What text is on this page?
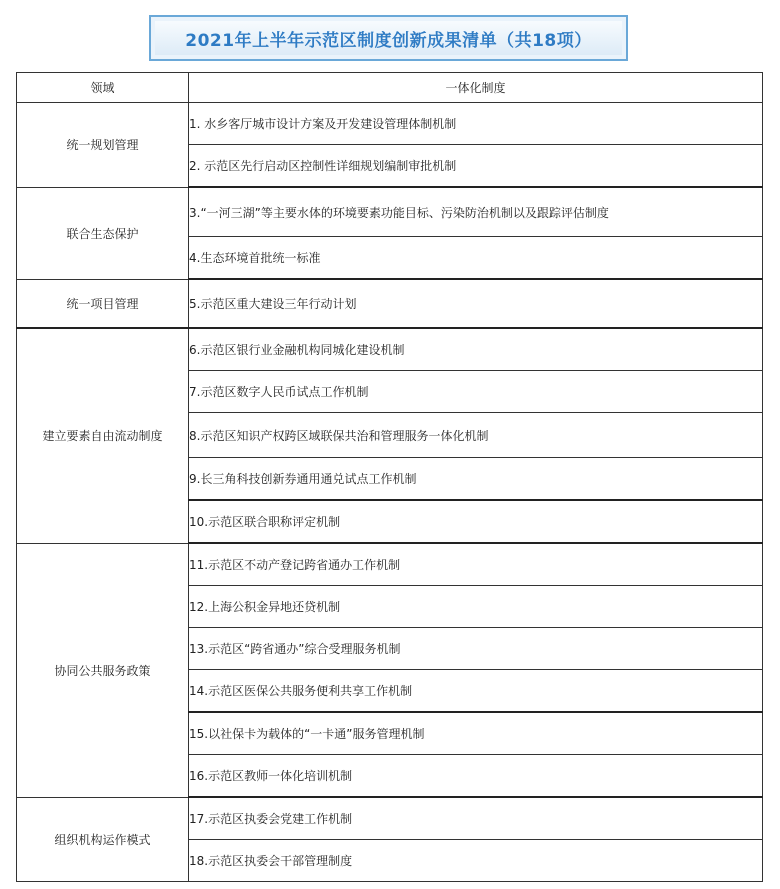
2021年上半年示范区制度创新成果清单（共18项）
领域	一体化制度
统一规划管理	1. 水乡客厅城市设计方案及开发建设管理体制机制
	2. 示范区先行启动区控制性详细规划编制审批机制
联合生态保护	3.“一河三湖”等主要水体的环境要素功能目标、污染防治机制以及跟踪评估制度
	4.生态环境首批统一标准
统一项目管理	5.示范区重大建设三年行动计划
建立要素自由流动制度	6.示范区银行业金融机构同城化建设机制
	7.示范区数字人民币试点工作机制
	8.示范区知识产权跨区域联保共治和管理服务一体化机制
	9.长三角科技创新券通用通兑试点工作机制
	10.示范区联合职称评定机制
协同公共服务政策	11.示范区不动产登记跨省通办工作机制
	12.上海公积金异地还贷机制
	13.示范区“跨省通办”综合受理服务机制
	14.示范区医保公共服务便利共享工作机制
	15.以社保卡为载体的“一卡通”服务管理机制
	16.示范区教师一体化培训机制
组织机构运作模式	17.示范区执委会党建工作机制
	18.示范区执委会干部管理制度
